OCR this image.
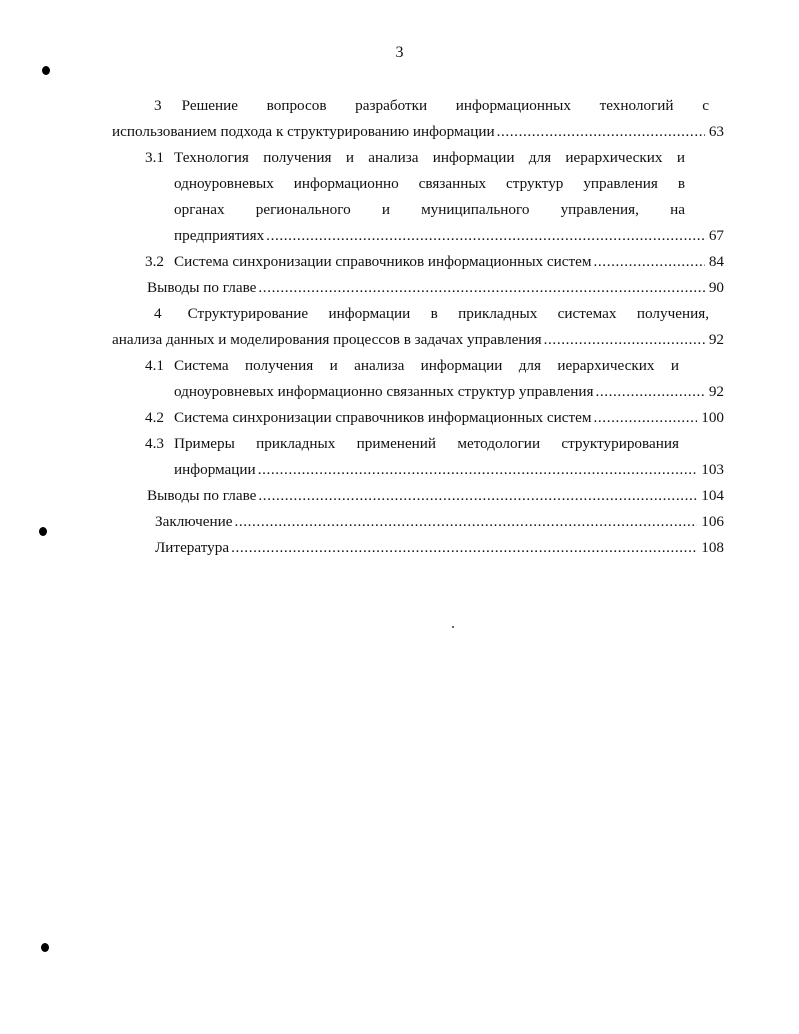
3
3 Решение вопросов разработки информационных технологий с
использованием подхода к структурированию информации . . .	63
3.1 Технология получения и анализа информации для иерархических и
одноуровневых информационно связанных структур управления в
органах регионального и муниципального управления, на
предприятиях . . .	67
3.2 Система синхронизации справочников информационных систем . . .	84
Выводы по главе . . .	90
4 Структурирование информации в прикладных системах получения,
анализа данных и моделирования процессов в задачах управления . . .	92
4.1 Система получения и анализа информации для иерархических и
одноуровневых информационно связанных структур управления . . .	92
4.2 Система синхронизации справочников информационных систем . . .	100
4.3 Примеры прикладных применений методологии структурирования
информации . . .	103
Выводы по главе . . .	104
Заключение . . .	106
Литература . . .	108
